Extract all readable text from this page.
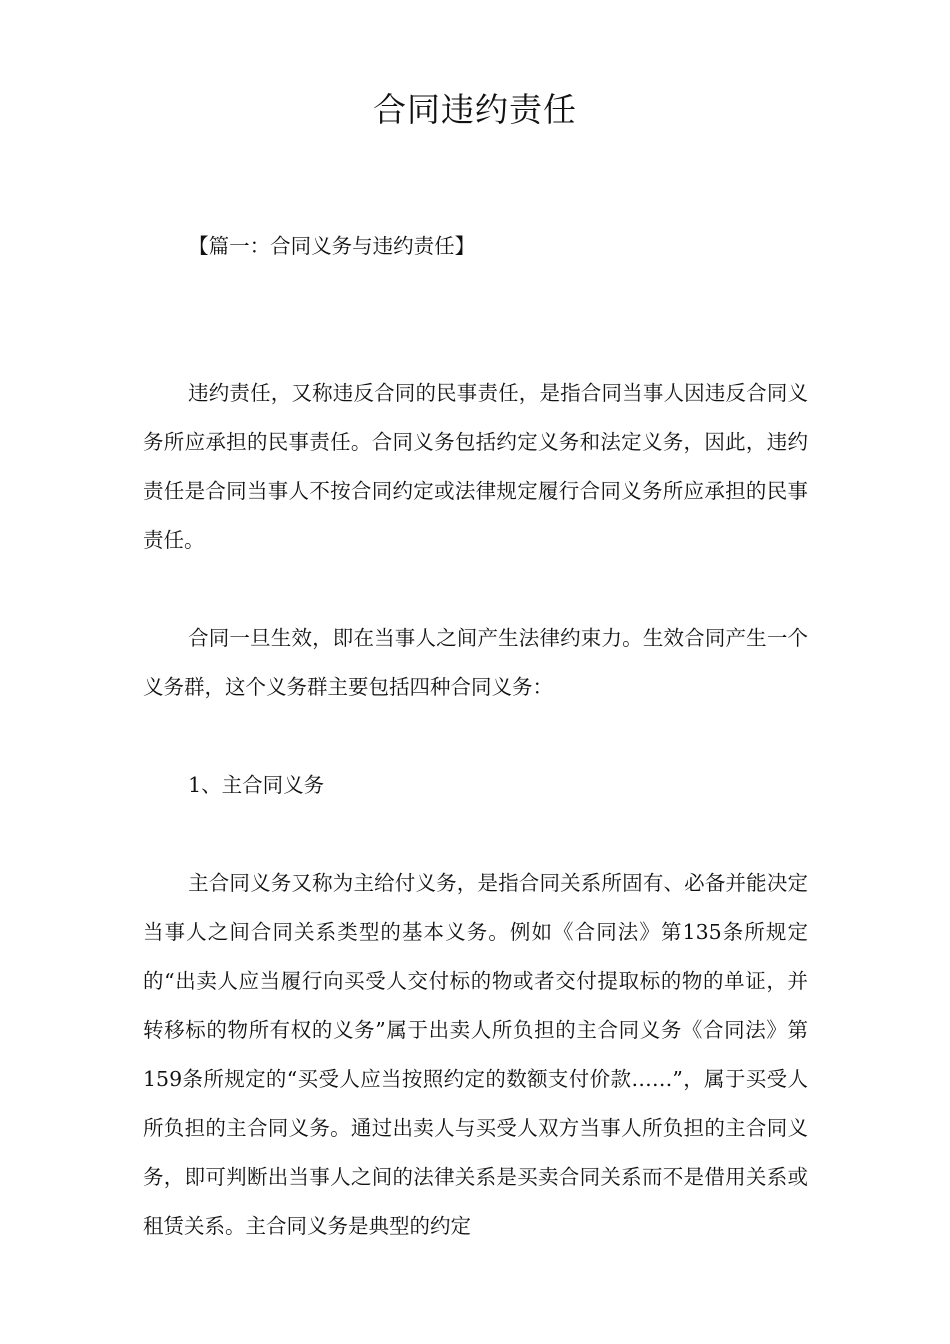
合同违约责任

【篇一：合同义务与违约责任】

违约责任，又称违反合同的民事责任，是指合同当事人因违反合同义务所应承担的民事责任。合同义务包括约定义务和法定义务，因此，违约责任是合同当事人不按合同约定或法律规定履行合同义务所应承担的民事责任。

合同一旦生效，即在当事人之间产生法律约束力。生效合同产生一个义务群，这个义务群主要包括四种合同义务：

1、主合同义务

主合同义务又称为主给付义务，是指合同关系所固有、必备并能决定当事人之间合同关系类型的基本义务。例如《合同法》第135条所规定的“出卖人应当履行向买受人交付标的物或者交付提取标的物的单证，并转移标的物所有权的义务”属于出卖人所负担的主合同义务《合同法》第159条所规定的“买受人应当按照约定的数额支付价款……”，属于买受人所负担的主合同义务。通过出卖人与买受人双方当事人所负担的主合同义务，即可判断出当事人之间的法律关系是买卖合同关系而不是借用关系或租赁关系。主合同义务是典型的约定
